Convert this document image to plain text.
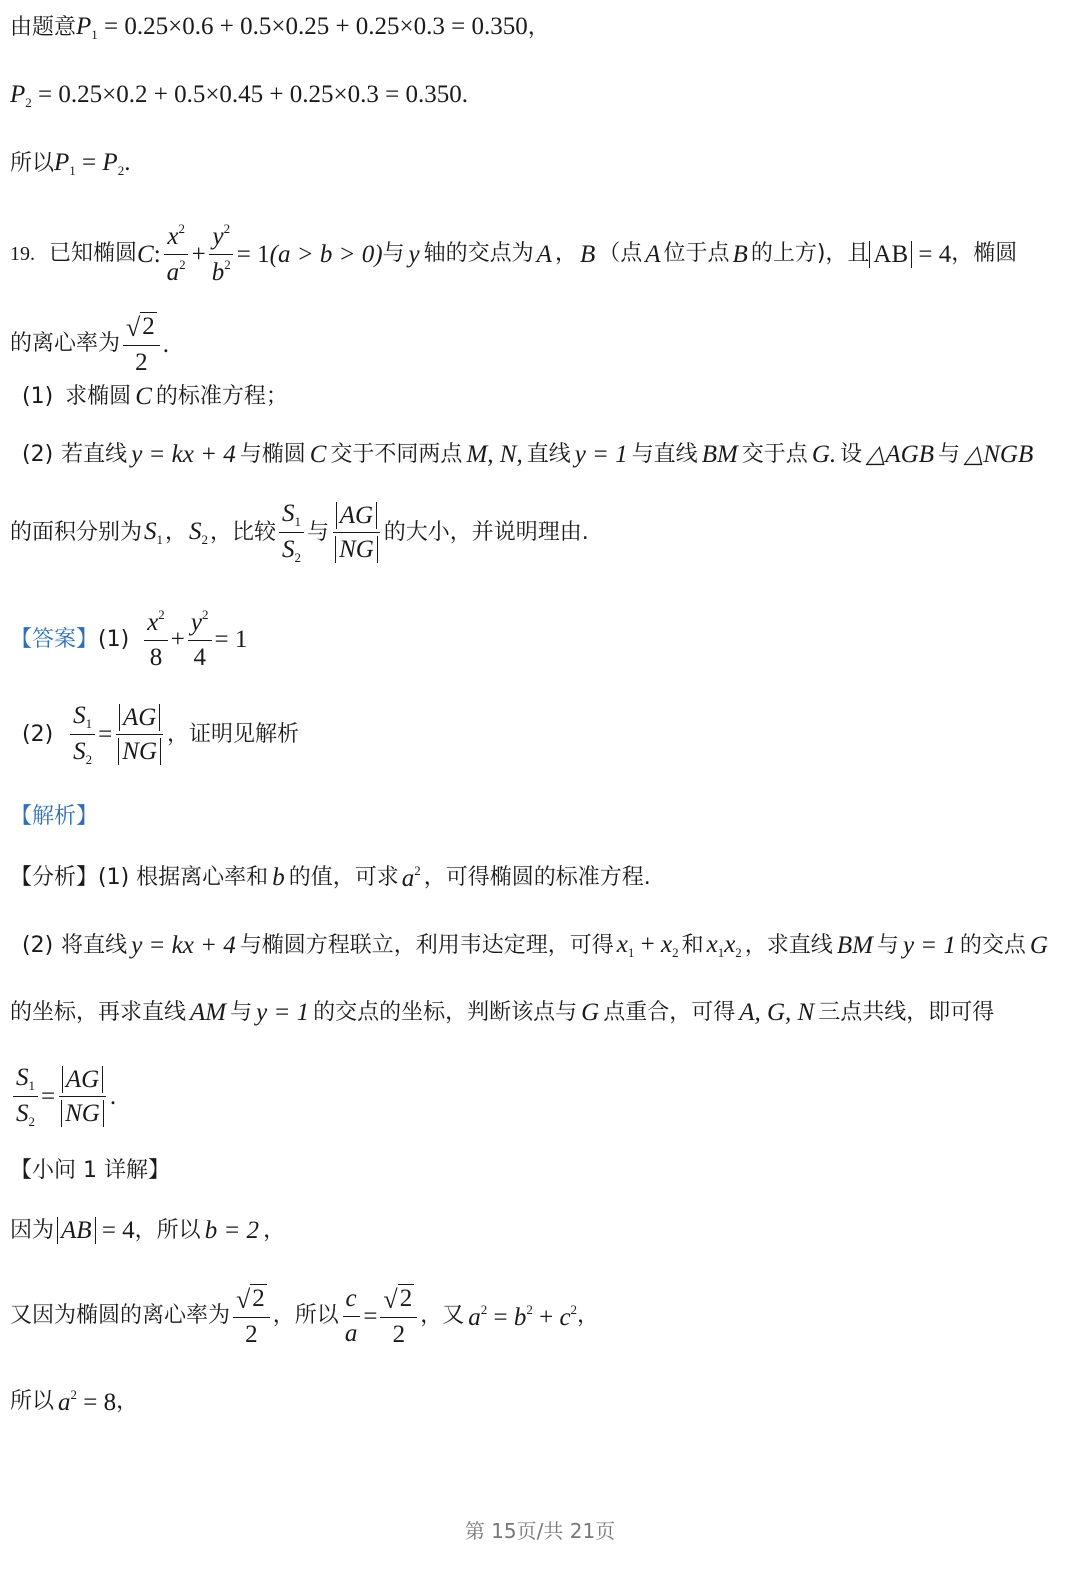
由题意 $P_1 = 0.25\times 0.6 + 0.5\times 0.25 + 0.25\times 0.3 = 0.350$ ，
$P_2 = 0.25\times 0.2 + 0.5\times 0.45 + 0.25\times 0.3 = 0.350$.
所以 $P_1 = P_2$.
19. 已知椭圆 C : $\frac{x^2}{a^2} + \frac{y^2}{b^2} = 1$ (a > b > 0) 与 y 轴的交点为 A ， B （点 A 位于点 B 的上方)，且 AB = 4 ，椭圆
的离心率为 $\frac{√ 2}{2}$ .
(1) 求椭圆 C 的标准方程；
(2) 若直线 y = kx + 4 与椭圆 C 交于不同两点 M, N, 直线 y = 1 与直线 BM 交于点 G. 设 △AGB 与 △NGB
的面积分别为 $S_1$ ， $S_2$ ，比较 $\frac{S_1}{S_2}$ 与 $\frac{AG}{NG}$ 的大小，并说明理由.
【答案】 $(1) \frac{x^2}{8} + \frac{y^2}{4} = 1$
$(2) \frac{S_1}{S_2} = \frac{AG}{NG}$ ，证明见解析
【解析】
【分析】 (1) 根据离心率和 b 的值，可求 $a^2$ ，可得椭圆的标准方程.
(2) 将直线 y = kx + 4 与椭圆方程联立，利用韦达定理，可得 $x_1 + x_2$ 和 $x_1x_2$ ，求直线 BM 与 y = 1 的交点 G
的坐标，再求直线 AM 与 y = 1 的交点的坐标，判断该点与 G 点重合，可得 A, G, N 三点共线，即可得
$\frac{S_1}{S_2} = \frac{AG}{NG}$ .
【小问 1 详解】
因为 AB = 4 ，所以 b = 2 ，
又因为椭圆的离心率为 $\frac{√ 2}{2}$ ，所以 $\frac{c}{a} = \frac{√ 2}{2}$ ，又 $a^2 = b^2 + c^2$ ，
所以 $a^2 = 8$ ，
第 15页/共 21页
